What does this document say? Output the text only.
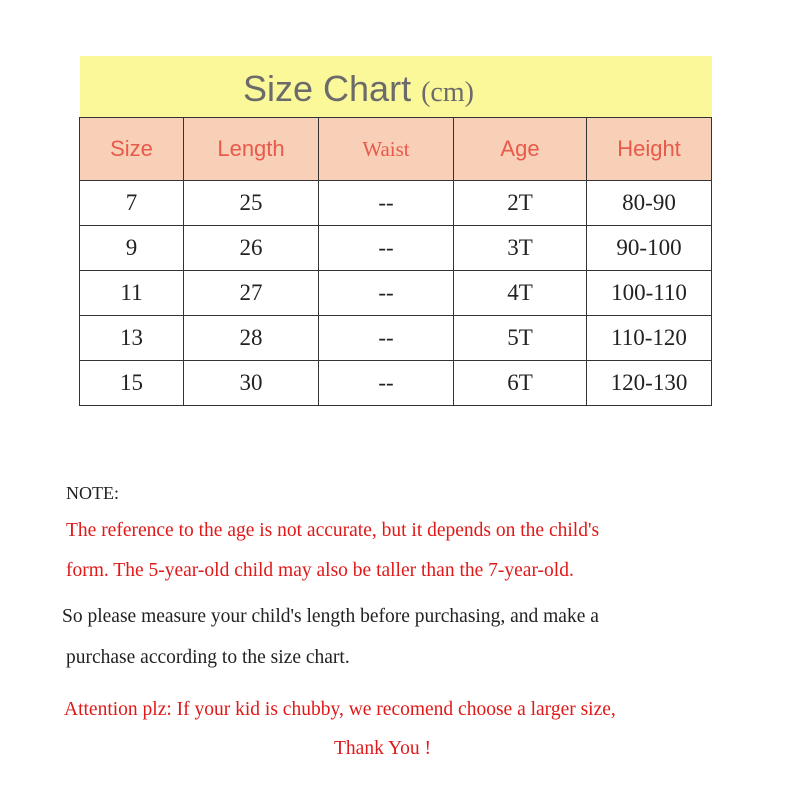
Size Chart (cm)
Size	Length	Waist	Age	Height
7	25	--	2T	80-90
9	26	--	3T	90-100
11	27	--	4T	100-110
13	28	--	5T	110-120
15	30	--	6T	120-130
NOTE:
The reference to the age is not accurate, but it depends on the child's
form. The 5-year-old child may also be taller than the 7-year-old.
So please measure your child's length before purchasing, and make a
purchase according to the size chart.
Attention plz: If your kid is chubby, we recomend choose a larger size,
Thank You !
